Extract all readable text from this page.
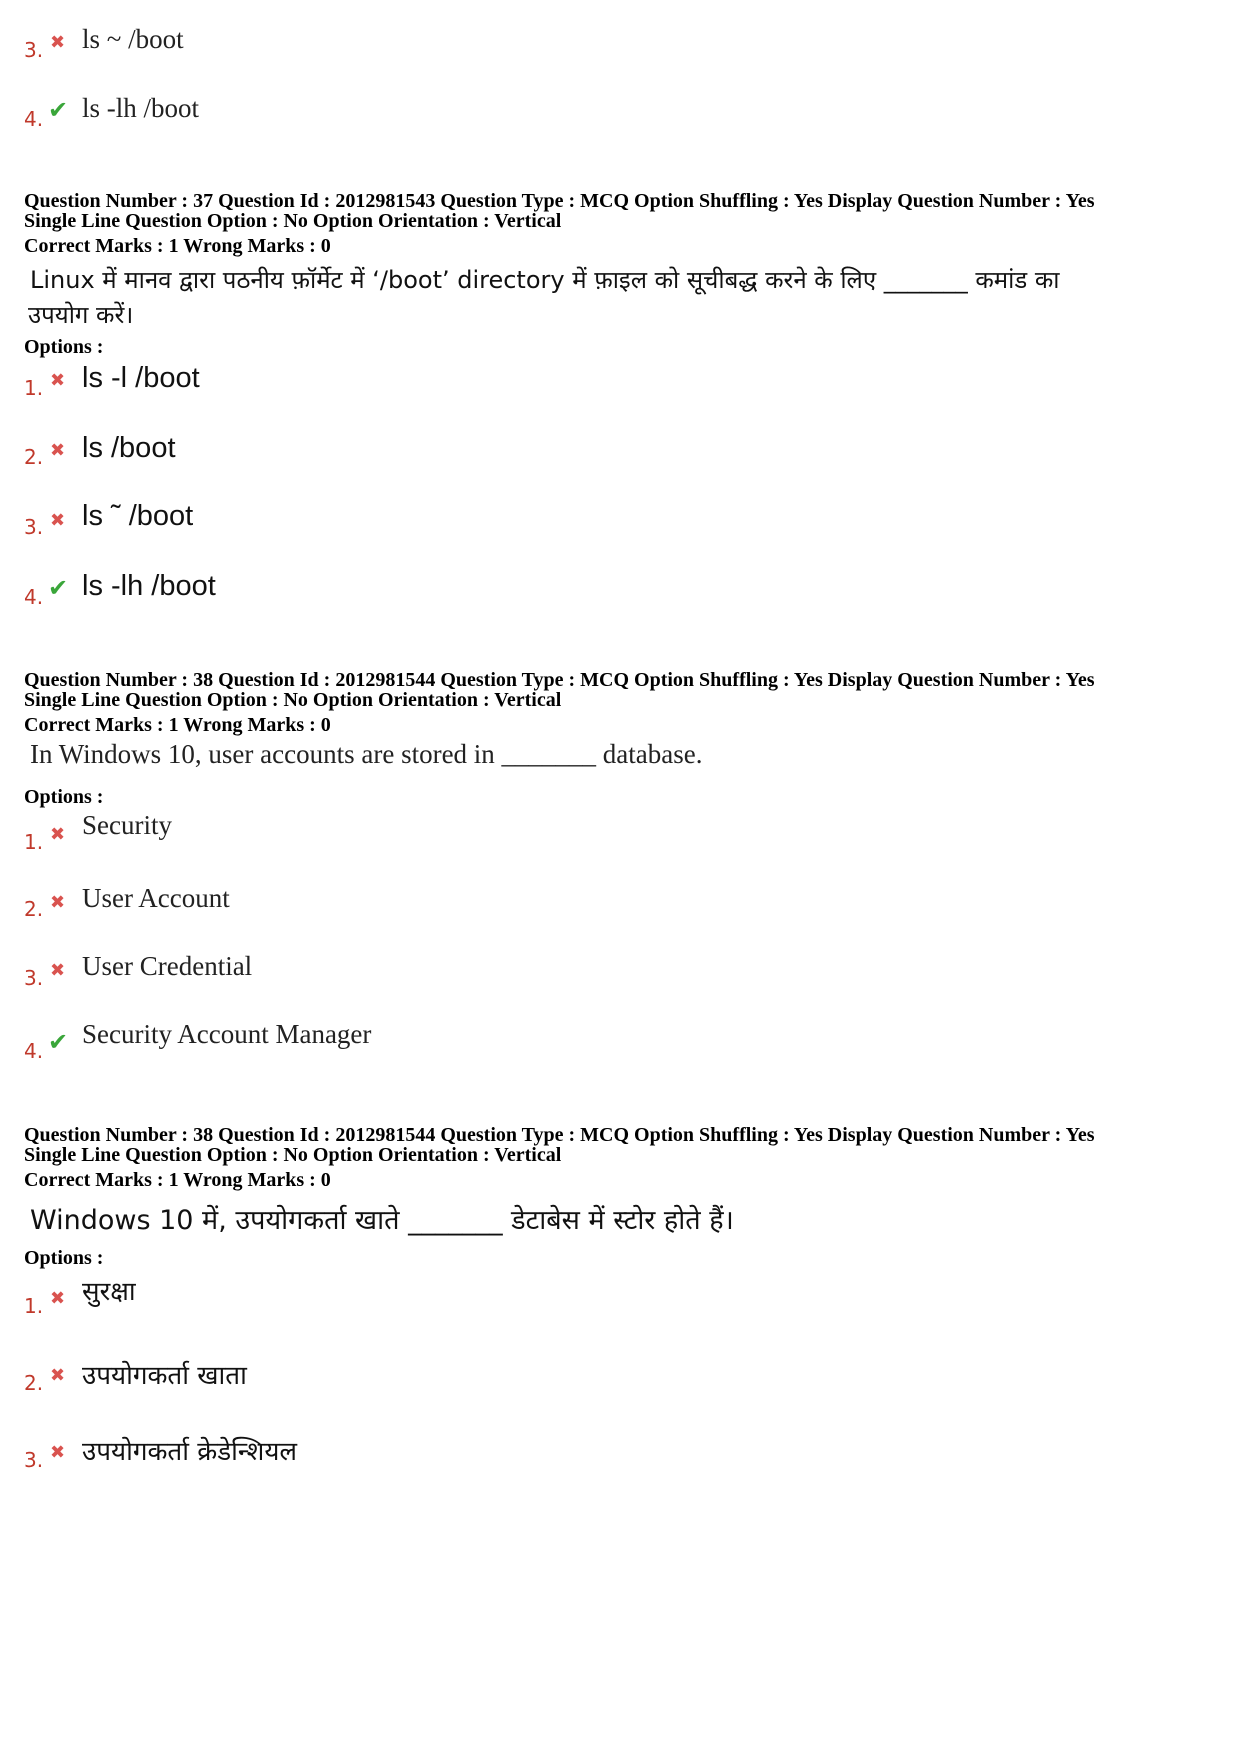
3. ✖ ls ~ /boot
4. ✔ ls -lh /boot
Question Number : 37 Question Id : 2012981543 Question Type : MCQ Option Shuffling : Yes Display Question Number : Yes
Single Line Question Option : No Option Orientation : Vertical
Correct Marks : 1 Wrong Marks : 0
Linux में मानव द्वारा पठनीय फ़ॉर्मेट में ‘/boot’ directory में फ़ाइल को सूचीबद्ध करने के लिए _______ कमांड का
उपयोग करें।
Options :
1. ✖ ls -l /boot
2. ✖ ls /boot
3. ✖ ls ˜ /boot
4. ✔ ls -lh /boot
Question Number : 38 Question Id : 2012981544 Question Type : MCQ Option Shuffling : Yes Display Question Number : Yes
Single Line Question Option : No Option Orientation : Vertical
Correct Marks : 1 Wrong Marks : 0
In Windows 10, user accounts are stored in _______ database.
Options :
1. ✖ Security
2. ✖ User Account
3. ✖ User Credential
4. ✔ Security Account Manager
Question Number : 38 Question Id : 2012981544 Question Type : MCQ Option Shuffling : Yes Display Question Number : Yes
Single Line Question Option : No Option Orientation : Vertical
Correct Marks : 1 Wrong Marks : 0
Windows 10 में, उपयोगकर्ता खाते _______ डेटाबेस में स्टोर होते हैं।
Options :
1. ✖ सुरक्षा
2. ✖ उपयोगकर्ता खाता
3. ✖ उपयोगकर्ता क्रेडेन्शियल
